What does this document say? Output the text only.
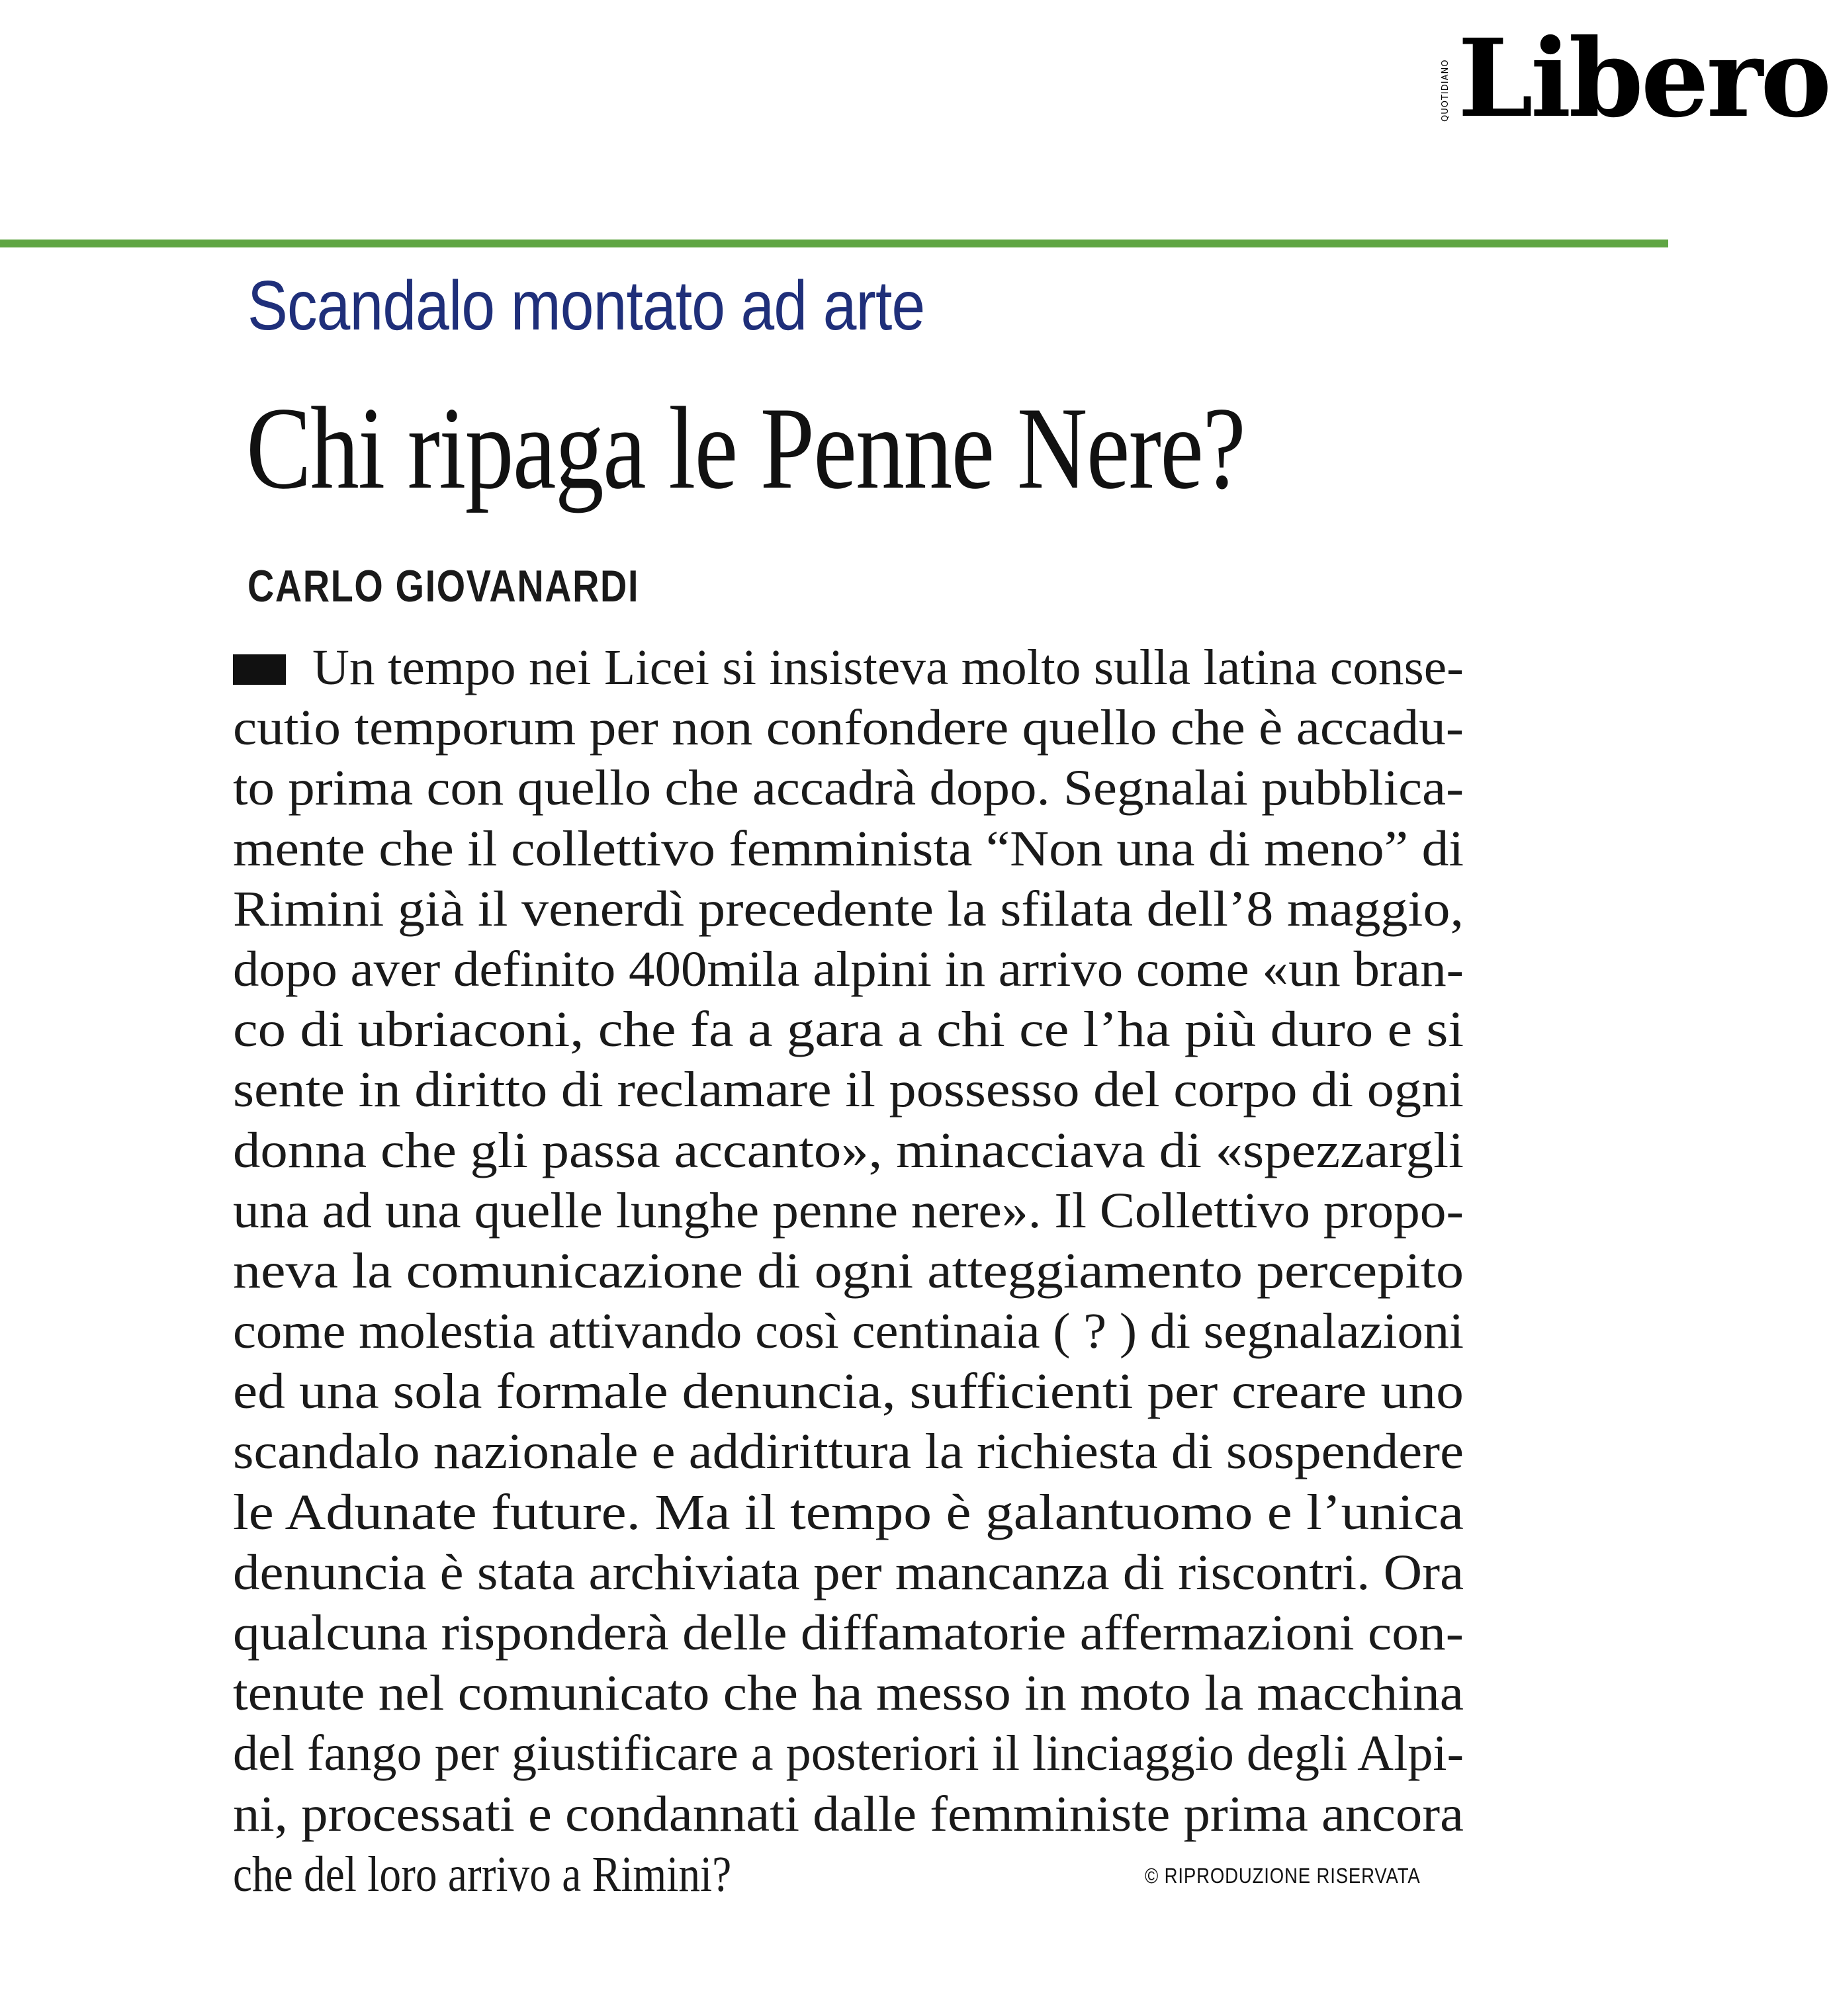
QUOTIDIANO Libero
Scandalo montato ad arte
Chi ripaga le Penne Nere?
CARLO GIOVANARDI
Un tempo nei Licei si insisteva molto sulla latina conse-
cutio temporum per non confondere quello che è accadu-
to prima con quello che accadrà dopo. Segnalai pubblica-
mente che il collettivo femminista “Non una di meno” di
Rimini già il venerdì precedente la sfilata dell’8 maggio,
dopo aver definito 400mila alpini in arrivo come «un bran-
co di ubriaconi, che fa a gara a chi ce l’ha più duro e si
sente in diritto di reclamare il possesso del corpo di ogni
donna che gli passa accanto», minacciava di «spezzargli
una ad una quelle lunghe penne nere». Il Collettivo propo-
neva la comunicazione di ogni atteggiamento percepito
come molestia attivando così centinaia ( ? ) di segnalazioni
ed una sola formale denuncia, sufficienti per creare uno
scandalo nazionale e addirittura la richiesta di sospendere
le Adunate future. Ma il tempo è galantuomo e l’unica
denuncia è stata archiviata per mancanza di riscontri. Ora
qualcuna risponderà delle diffamatorie affermazioni con-
tenute nel comunicato che ha messo in moto la macchina
del fango per giustificare a posteriori il linciaggio degli Alpi-
ni, processati e condannati dalle femministe prima ancora
che del loro arrivo a Rimini?	© RIPRODUZIONE RISERVATA
